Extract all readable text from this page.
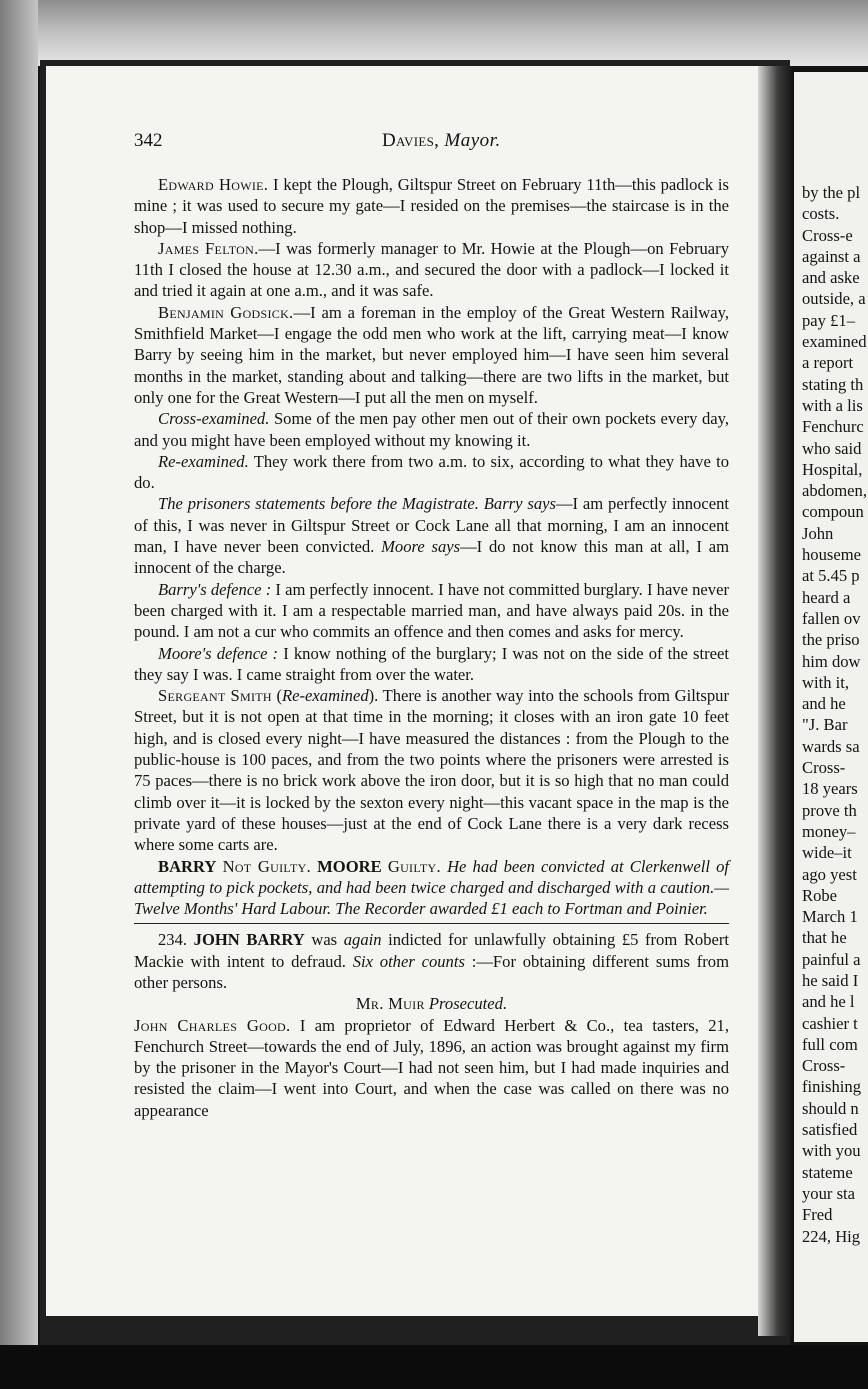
342	Davies, Mayor.

Edward Howie. I kept the Plough, Giltspur Street on February 11th—this padlock is mine ; it was used to secure my gate—I resided on the premises—the staircase is in the shop—I missed nothing.

James Felton.—I was formerly manager to Mr. Howie at the Plough—on February 11th I closed the house at 12.30 a.m., and secured the door with a padlock—I locked it and tried it again at one a.m., and it was safe.

Benjamin Godsick.—I am a foreman in the employ of the Great Western Railway, Smithfield Market—I engage the odd men who work at the lift, carrying meat—I know Barry by seeing him in the market, but never employed him—I have seen him several months in the market, standing about and talking—there are two lifts in the market, but only one for the Great Western—I put all the men on myself.

Cross-examined. Some of the men pay other men out of their own pockets every day, and you might have been employed without my knowing it.

Re-examined. They work there from two a.m. to six, according to what they have to do.

The prisoners statements before the Magistrate. Barry says—I am perfectly innocent of this, I was never in Giltspur Street or Cock Lane all that morning, I am an innocent man, I have never been convicted. Moore says—I do not know this man at all, I am innocent of the charge.

Barry's defence : I am perfectly innocent. I have not committed burglary. I have never been charged with it. I am a respectable married man, and have always paid 20s. in the pound. I am not a cur who commits an offence and then comes and asks for mercy.

Moore's defence : I know nothing of the burglary; I was not on the side of the street they say I was. I came straight from over the water.

Sergeant Smith (Re-examined). There is another way into the schools from Giltspur Street, but it is not open at that time in the morning; it closes with an iron gate 10 feet high, and is closed every night—I have measured the distances : from the Plough to the public-house is 100 paces, and from the two points where the prisoners were arrested is 75 paces—there is no brick work above the iron door, but it is so high that no man could climb over it—it is locked by the sexton every night—this vacant space in the map is the private yard of these houses—just at the end of Cock Lane there is a very dark recess where some carts are.

BARRY Not Guilty. MOORE Guilty. He had been convicted at Clerkenwell of attempting to pick pockets, and had been twice charged and discharged with a caution.—Twelve Months' Hard Labour. The Recorder awarded £1 each to Fortman and Poinier.

234. JOHN BARRY was again indicted for unlawfully obtaining £5 from Robert Mackie with intent to defraud. Six other counts :—For obtaining different sums from other persons.

Mr. Muir Prosecuted.

John Charles Good. I am proprietor of Edward Herbert & Co., tea tasters, 21, Fenchurch Street—towards the end of July, 1896, an action was brought against my firm by the prisoner in the Mayor's Court—I had not seen him, but I had made inquiries and resisted the claim—I went into Court, and when the case was called on there was no appearance

by the pl
costs.
Cross-e
against a
and aske
outside, a
pay £1–
examined
a report
stating th
with a lis
Fenchurc
who said
Hospital,
abdomen,
compoun
John
houseme
at 5.45 p
heard a
fallen ov
the priso
him dow
with it,
and he
"J. Bar
wards sa
Cross-
18 years
prove th
money–
wide–it
ago yest
Robe
March 1
that he
painful a
he said I
and he l
cashier t
full com
Cross-
finishing
should n
satisfied
with you
stateme
your sta
Fred
224, Hig
